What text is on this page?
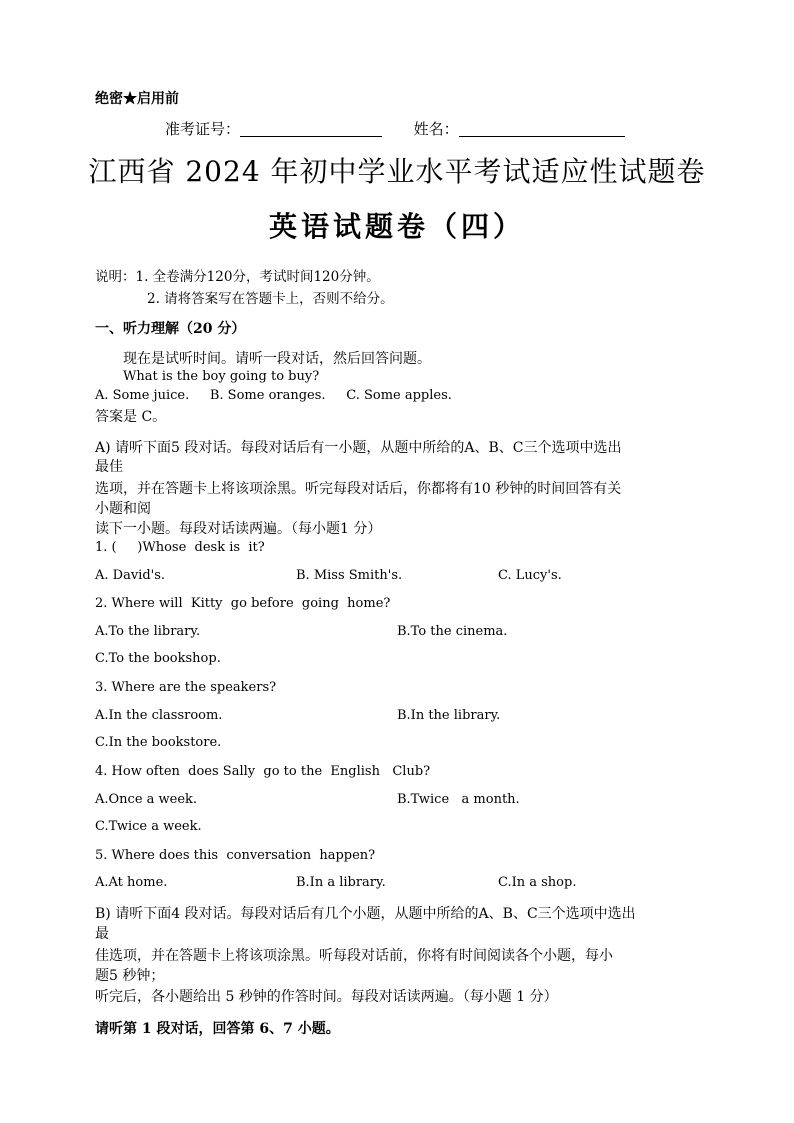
绝密★启用前
准考证号：	姓名：
江西省 2024 年初中学业水平考试适应性试题卷
英语试题卷（四）
说明：1. 全卷满分120分，考试时间120分钟。
2. 请将答案写在答题卡上，否则不给分。
一、听力理解（20 分）
现在是试听时间。请听一段对话，然后回答问题。
What is the boy going to buy?
A. Some juice.     B. Some oranges.     C. Some apples.
答案是 C。
A) 请听下面5 段对话。每段对话后有一小题，从题中所给的A、B、C三个选项中选出
最佳
选项，并在答题卡上将该项涂黑。听完每段对话后，你都将有10 秒钟的时间回答有关
小题和阅
读下一小题。每段对话读两遍。（每小题1 分）
1. (     )Whose  desk is  it?
A. David's.	B. Miss Smith's.	C. Lucy's.
2. Where will  Kitty  go before  going  home?
A.To the library.	B.To the cinema.
C.To the bookshop.
3. Where are the speakers?
A.In the classroom.	B.In the library.
C.In the bookstore.
4. How often  does Sally  go to the  English   Club?
A.Once a week.	B.Twice   a month.
C.Twice a week.
5. Where does this  conversation  happen?
A.At home.	B.In a library.	C.In a shop.
B) 请听下面4 段对话。每段对话后有几个小题，从题中所给的A、B、C三个选项中选出
最
佳选项，并在答题卡上将该项涂黑。听每段对话前，你将有时间阅读各个小题，每小
题5 秒钟；
听完后，各小题给出 5 秒钟的作答时间。每段对话读两遍。（每小题 1 分）
请听第 1 段对话，回答第 6、7 小题。
